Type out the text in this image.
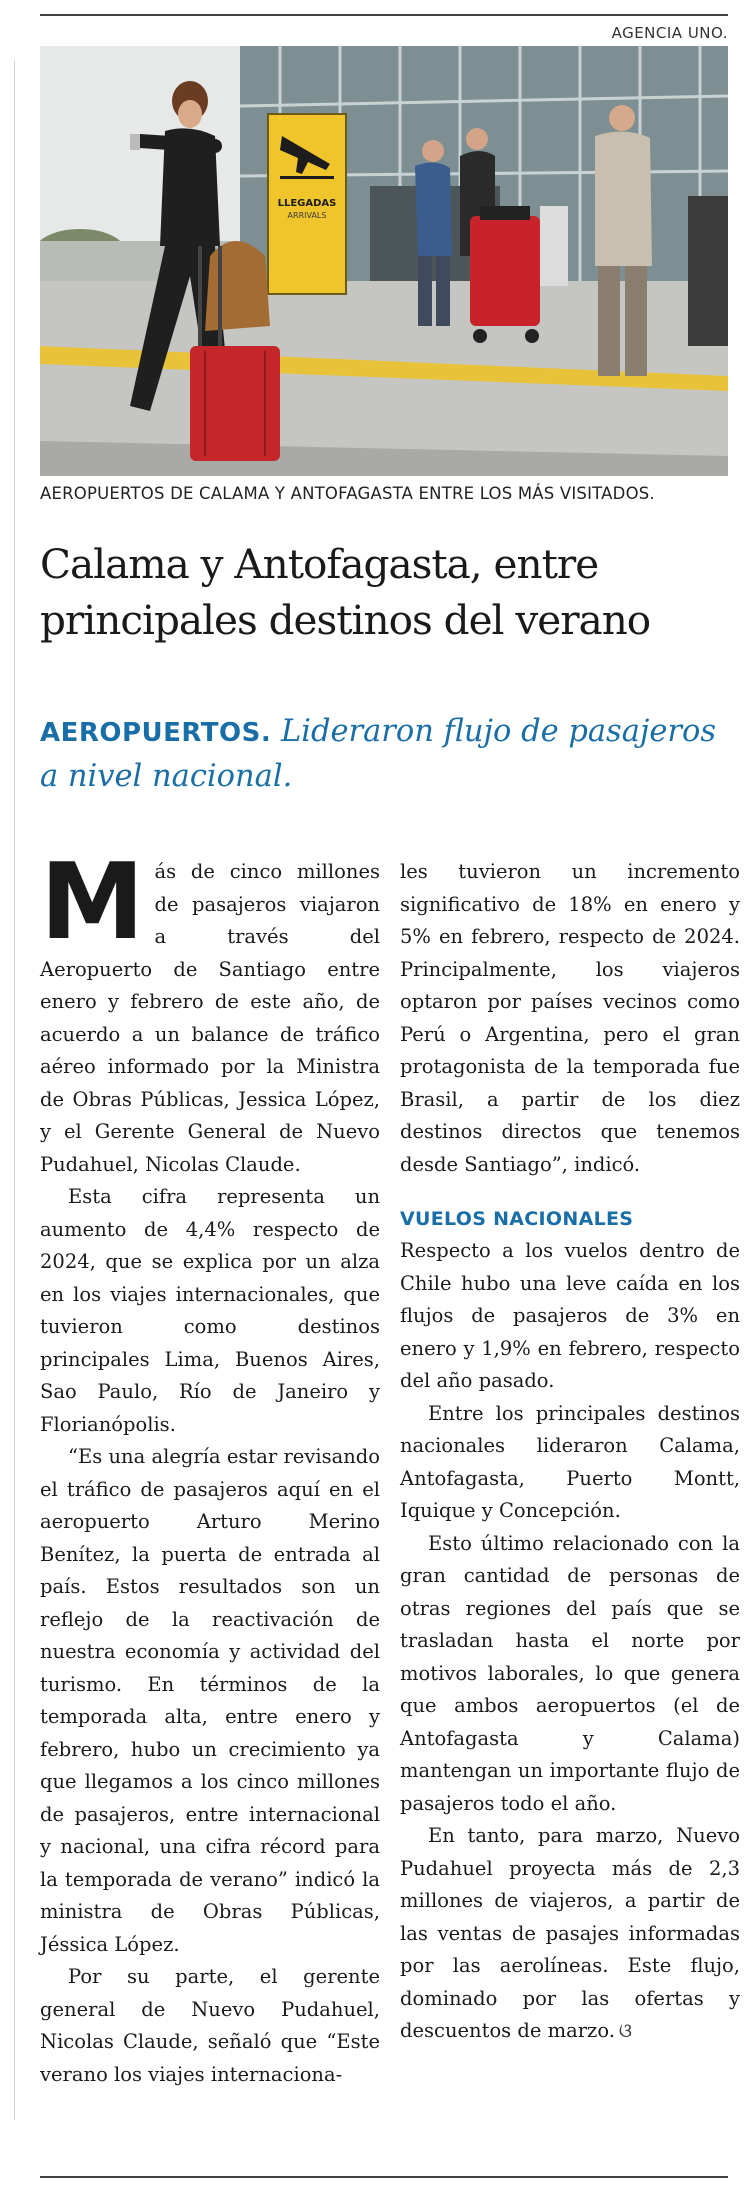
AGENCIA UNO.
LLEGADAS
ARRIVALS
AEROPUERTOS DE CALAMA Y ANTOFAGASTA ENTRE LOS MÁS VISITADOS.
Calama y Antofagasta, entre principales destinos del verano
AEROPUERTOS. Lideraron flujo de pasajeros a nivel nacional.

Más de cinco millones de pasajeros viajaron a través del Aeropuerto de Santiago entre enero y febrero de este año, de acuerdo a un balance de tráfico aéreo informado por la Ministra de Obras Públicas, Jessica López, y el Gerente General de Nuevo Pudahuel, Nicolas Claude.

Esta cifra representa un aumento de 4,4% respecto de 2024, que se explica por un alza en los viajes internacionales, que tuvieron como destinos principales Lima, Buenos Aires, Sao Paulo, Río de Janeiro y Florianópolis.

“Es una alegría estar revisando el tráfico de pasajeros aquí en el aeropuerto Arturo Merino Benítez, la puerta de entrada al país. Estos resultados son un reflejo de la reactivación de nuestra economía y actividad del turismo. En términos de la temporada alta, entre enero y febrero, hubo un crecimiento ya que llegamos a los cinco millones de pasajeros, entre internacional y nacional, una cifra récord para la temporada de verano” indicó la ministra de Obras Públicas, Jéssica López.

Por su parte, el gerente general de Nuevo Pudahuel, Nicolas Claude, señaló que “Este verano los viajes internaciona-

les tuvieron un incremento significativo de 18% en enero y 5% en febrero, respecto de 2024. Principalmente, los viajeros optaron por países vecinos como Perú o Argentina, pero el gran protagonista de la temporada fue Brasil, a partir de los diez destinos directos que tenemos desde Santiago”, indicó.

VUELOS NACIONALES

Respecto a los vuelos dentro de Chile hubo una leve caída en los flujos de pasajeros de 3% en enero y 1,9% en febrero, respecto del año pasado.

Entre los principales destinos nacionales lideraron Calama, Antofagasta, Puerto Montt, Iquique y Concepción.

Esto último relacionado con la gran cantidad de personas de otras regiones del país que se trasladan hasta el norte por motivos laborales, lo que genera que ambos aeropuertos (el de Antofagasta y Calama) mantengan un importante flujo de pasajeros todo el año.

En tanto, para marzo, Nuevo Pudahuel proyecta más de 2,3 millones de viajeros, a partir de las ventas de pasajes informadas por las aerolíneas. Este flujo, dominado por las ofertas y descuentos de marzo. ଓ
